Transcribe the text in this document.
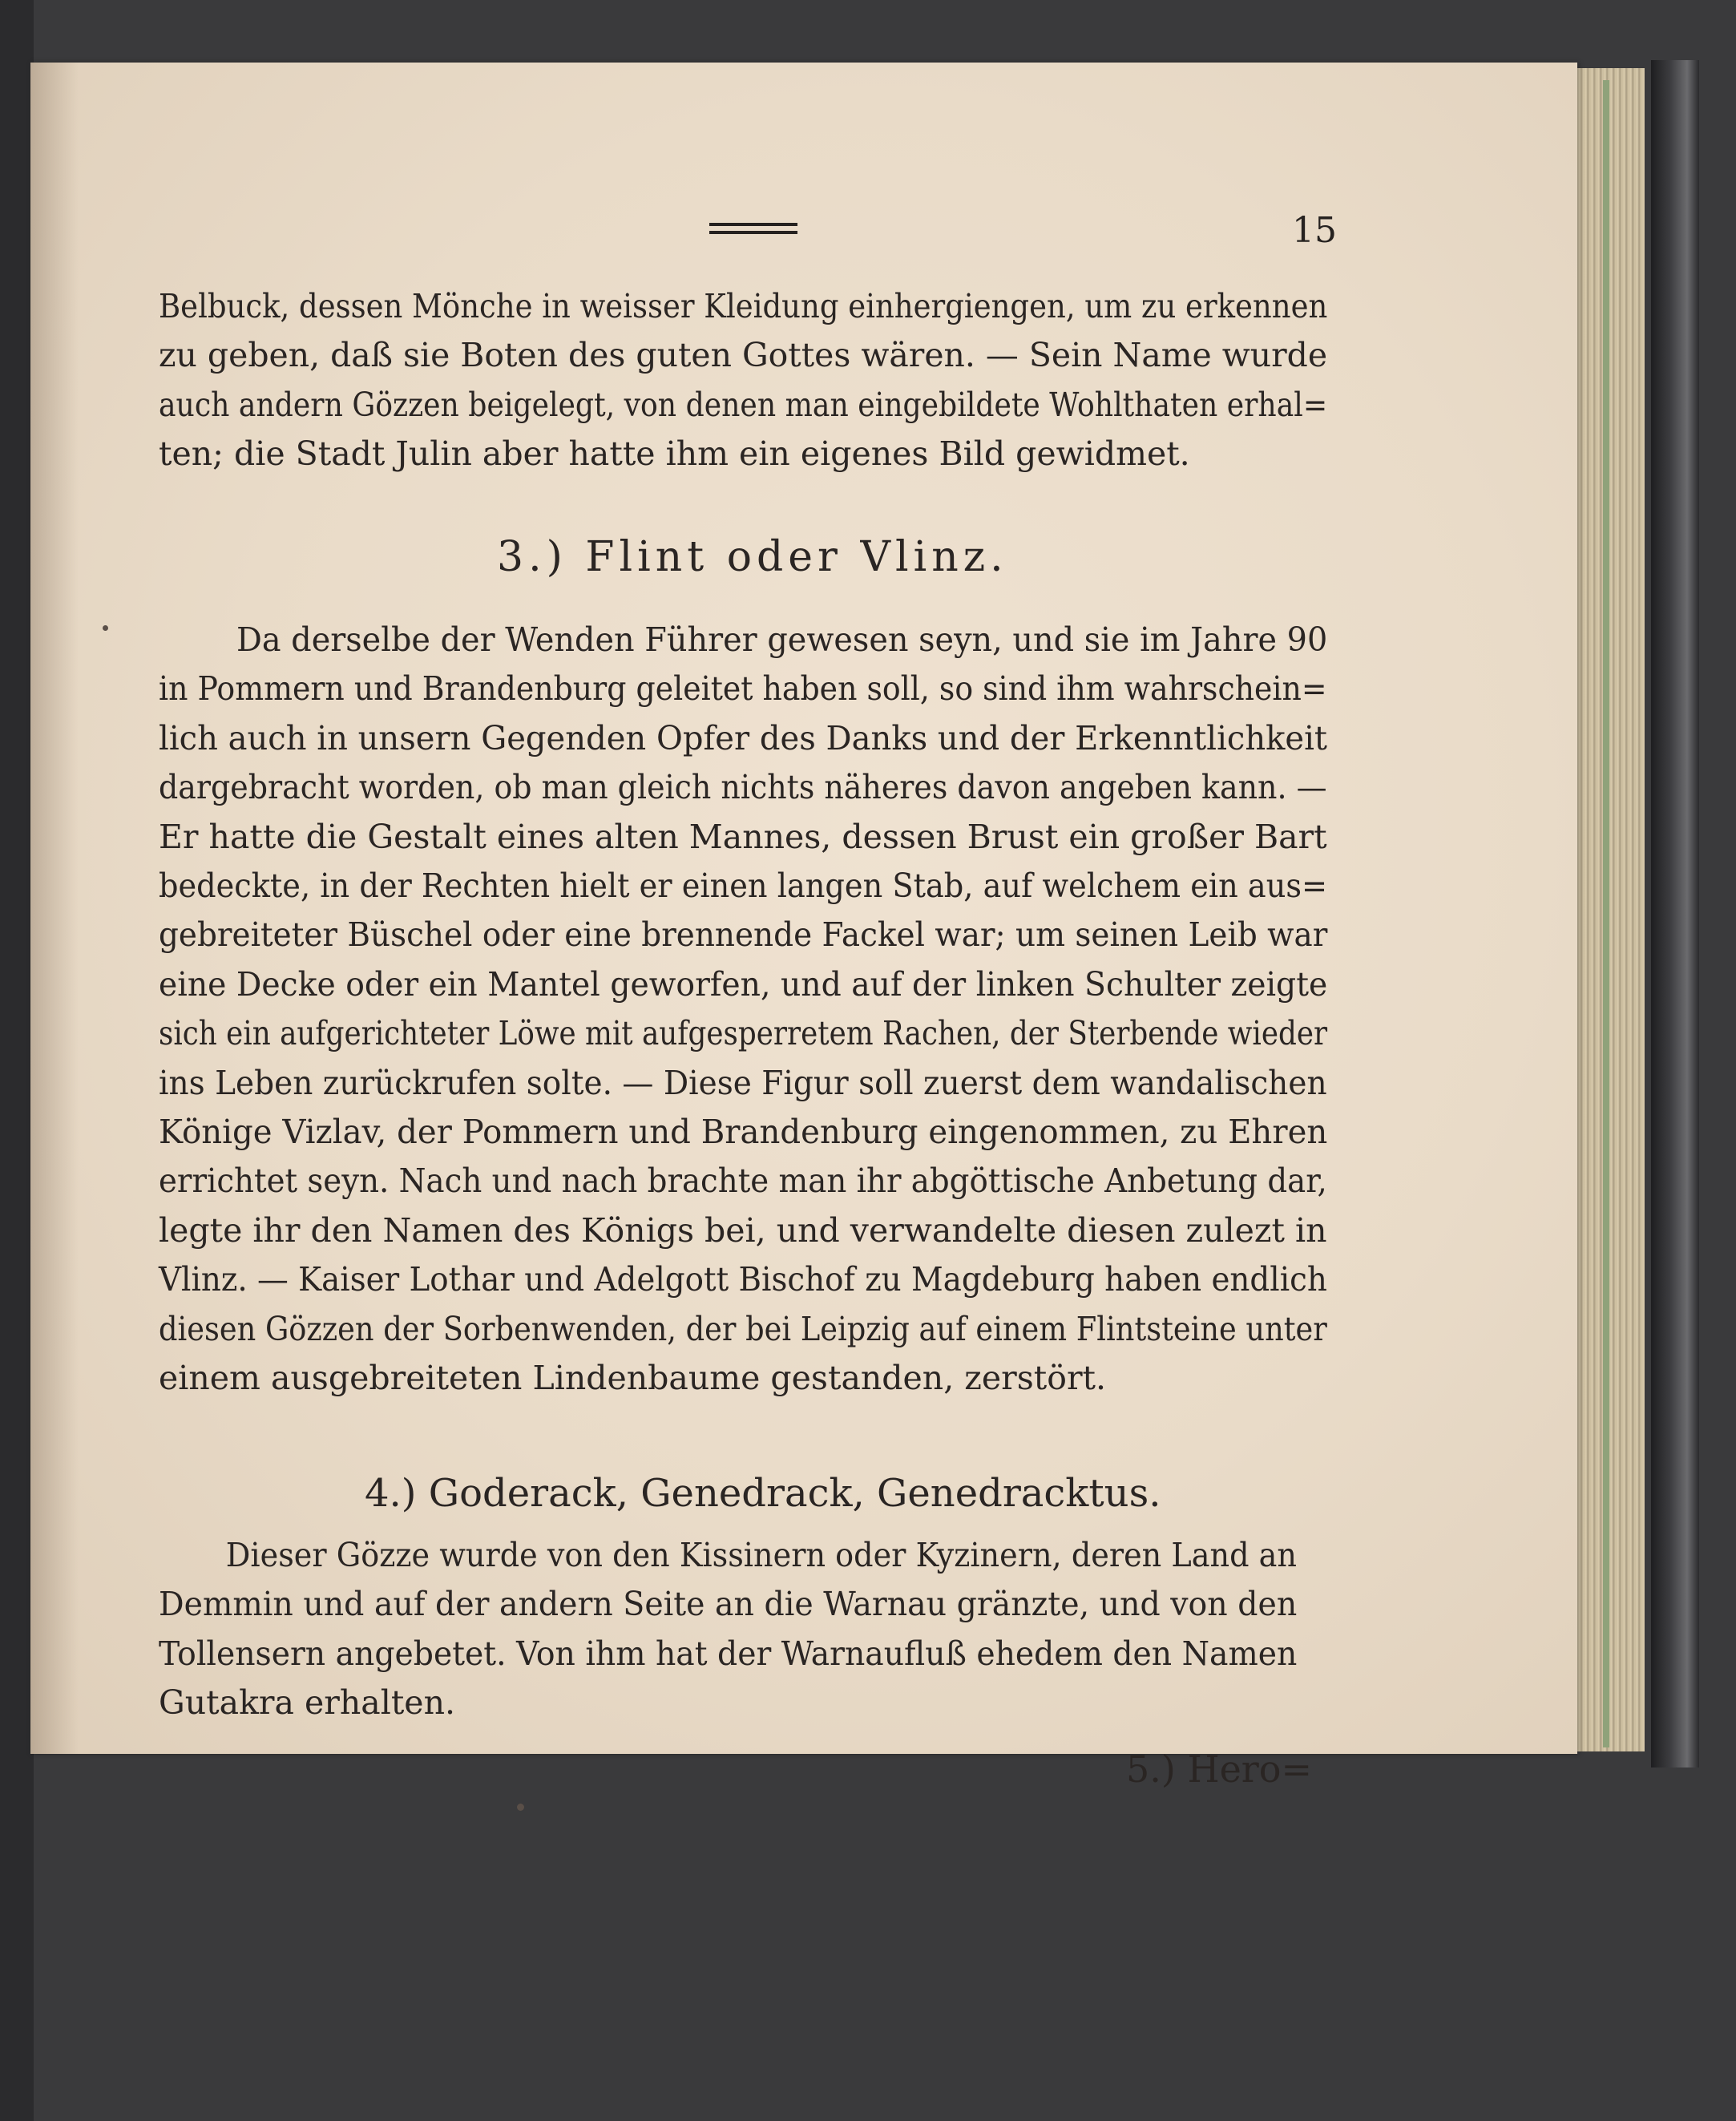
15
Belbuck, dessen Mönche in weisser Kleidung einhergiengen, um zu erkennen
zu geben, daß sie Boten des guten Gottes wären. — Sein Name wurde
auch andern Gözzen beigelegt, von denen man eingebildete Wohlthaten erhal=
ten; die Stadt Julin aber hatte ihm ein eigenes Bild gewidmet.
3.) Flint oder Vlinz.
Da derselbe der Wenden Führer gewesen seyn, und sie im Jahre 90
in Pommern und Brandenburg geleitet haben soll, so sind ihm wahrschein=
lich auch in unsern Gegenden Opfer des Danks und der Erkenntlichkeit
dargebracht worden, ob man gleich nichts näheres davon angeben kann. —
Er hatte die Gestalt eines alten Mannes, dessen Brust ein großer Bart
bedeckte, in der Rechten hielt er einen langen Stab, auf welchem ein aus=
gebreiteter Büschel oder eine brennende Fackel war; um seinen Leib war
eine Decke oder ein Mantel geworfen, und auf der linken Schulter zeigte
sich ein aufgerichteter Löwe mit aufgesperretem Rachen, der Sterbende wieder
ins Leben zurückrufen solte. — Diese Figur soll zuerst dem wandalischen
Könige Vizlav, der Pommern und Brandenburg eingenommen, zu Ehren
errichtet seyn. Nach und nach brachte man ihr abgöttische Anbetung dar,
legte ihr den Namen des Königs bei, und verwandelte diesen zulezt in
Vlinz. — Kaiser Lothar und Adelgott Bischof zu Magdeburg haben endlich
diesen Gözzen der Sorbenwenden, der bei Leipzig auf einem Flintsteine unter
einem ausgebreiteten Lindenbaume gestanden, zerstört.
4.) Goderack, Genedrack, Genedracktus.
Dieser Gözze wurde von den Kissinern oder Kyzinern, deren Land an
Demmin und auf der andern Seite an die Warnau gränzte, und von den
Tollensern angebetet. Von ihm hat der Warnaufluß ehedem den Namen
Gutakra erhalten.
5.) Hero=
